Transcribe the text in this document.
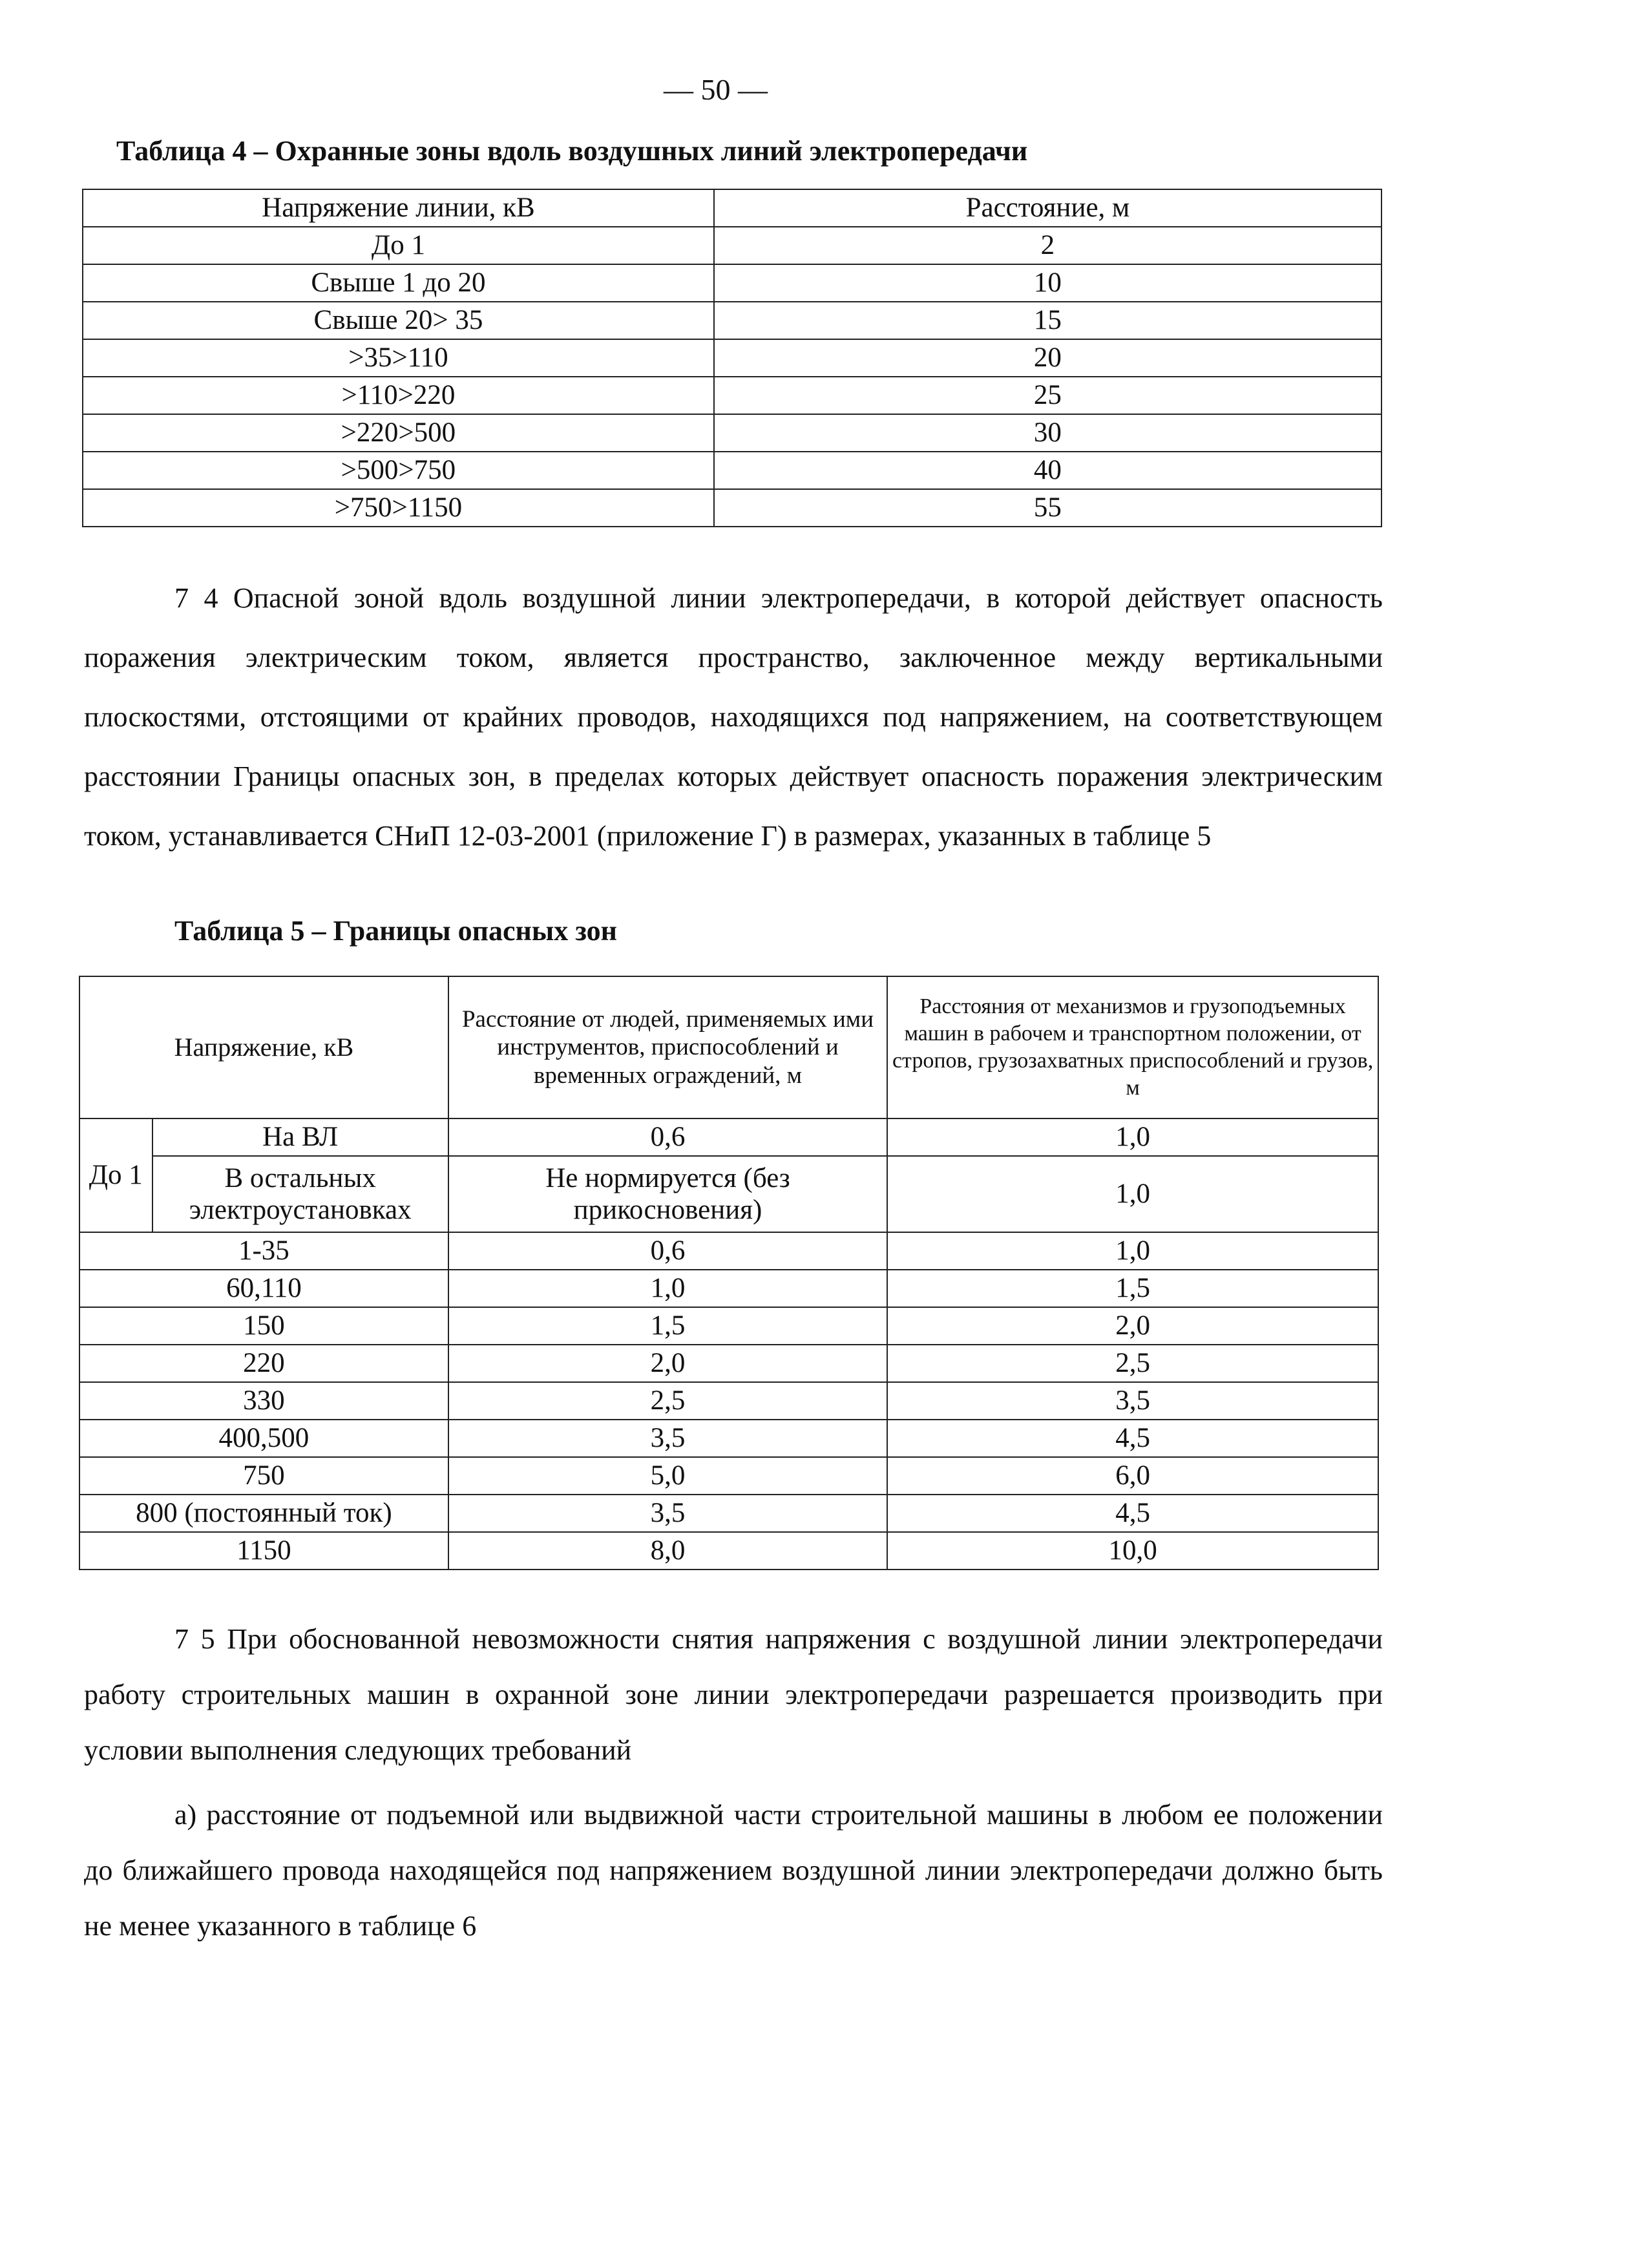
— 50 —
Таблица 4 – Охранные зоны вдоль воздушных линий электропередачи
Напряжение линии, кВ	Расстояние, м
До 1	2
Свыше 1 до 20	10
Свыше 20> 35	15
>35>110	20
>110>220	25
>220>500	30
>500>750	40
>750>1150	55
7 4 Опасной зоной вдоль воздушной линии электропередачи, в которой действует опасность поражения электрическим током, является пространство, заключенное между вертикальными плоскостями, отстоящими от крайних проводов, находящихся под напряжением, на соответствующем расстоянии Границы опасных зон, в пределах которых действует опасность поражения электрическим током, устанавливается СНиП 12-03-2001 (приложение Г) в размерах, указанных в таблице 5
Таблица 5 – Границы опасных зон
Напряжение, кВ		Расстояние от людей, применяемых ими инструментов, приспособлений и временных ограждений, м	Расстояния от механизмов и грузоподъемных машин в рабочем и транспортном положении, от стропов, грузозахватных приспособлений и грузов, м
До 1	На ВЛ	0,6	1,0
	В остальных электроустановках	Не нормируется (без прикосновения)	1,0
1-35		0,6	1,0
60,110		1,0	1,5
150		1,5	2,0
220		2,0	2,5
330		2,5	3,5
400,500		3,5	4,5
750		5,0	6,0
800 (постоянный ток)		3,5	4,5
1150		8,0	10,0
7 5 При обоснованной невозможности снятия напряжения с воздушной линии электропередачи работу строительных машин в охранной зоне линии электропередачи разрешается производить при условии выполнения следующих требований
а) расстояние от подъемной или выдвижной части строительной машины в любом ее положении до ближайшего провода находящейся под напряжением воздушной линии электропередачи должно быть не менее указанного в таблице 6
